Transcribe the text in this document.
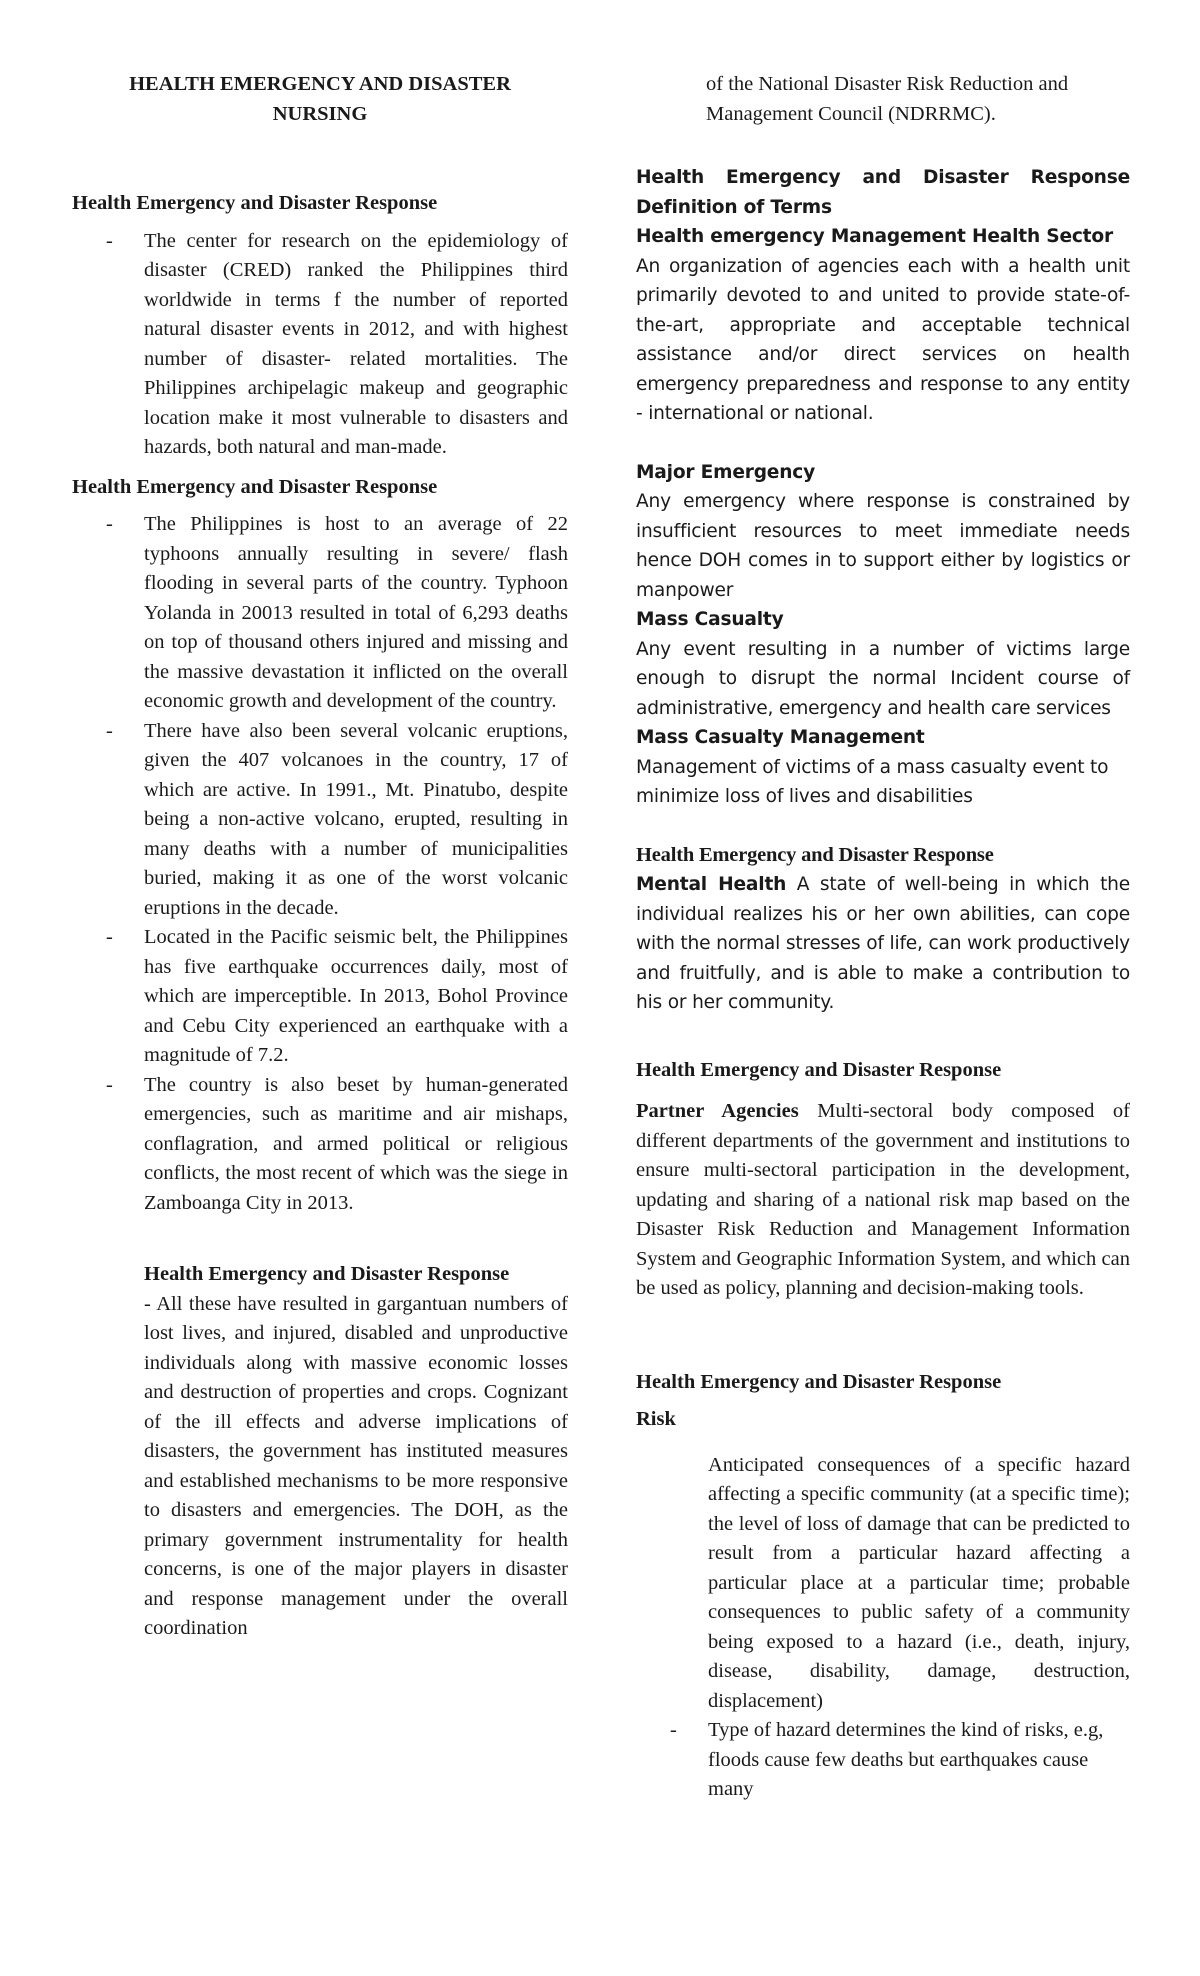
HEALTH EMERGENCY AND DISASTER NURSING

Health Emergency and Disaster Response

- The center for research on the epidemiology of disaster (CRED) ranked the Philippines third worldwide in terms f the number of reported natural disaster events in 2012, and with highest number of disaster- related mortalities. The Philippines archipelagic makeup and geographic location make it most vulnerable to disasters and hazards, both natural and man-made.

Health Emergency and Disaster Response

- The Philippines is host to an average of 22 typhoons annually resulting in severe/ flash flooding in several parts of the country. Typhoon Yolanda in 20013 resulted in total of 6,293 deaths on top of thousand others injured and missing and the massive devastation it inflicted on the overall economic growth and development of the country.

- There have also been several volcanic eruptions, given the 407 volcanoes in the country, 17 of which are active. In 1991., Mt. Pinatubo, despite being a non-active volcano, erupted, resulting in many deaths with a number of municipalities buried, making it as one of the worst volcanic eruptions in the decade.

- Located in the Pacific seismic belt, the Philippines has five earthquake occurrences daily, most of which are imperceptible. In 2013, Bohol Province and Cebu City experienced an earthquake with a magnitude of 7.2.

- The country is also beset by human-generated emergencies, such as maritime and air mishaps, conflagration, and armed political or religious conflicts, the most recent of which was the siege in Zamboanga City in 2013.

Health Emergency and Disaster Response

- All these have resulted in gargantuan numbers of lost lives, and injured, disabled and unproductive individuals along with massive economic losses and destruction of properties and crops. Cognizant of the ill effects and adverse implications of disasters, the government has instituted measures and established mechanisms to be more responsive to disasters and emergencies. The DOH, as the primary government instrumentality for health concerns, is one of the major players in disaster and response management under the overall coordination

of the National Disaster Risk Reduction and Management Council (NDRRMC).

Health Emergency and Disaster Response

Definition of Terms

Health emergency Management Health Sector

An organization of agencies each with a health unit primarily devoted to and united to provide state-of-the-art, appropriate and acceptable technical assistance and/or direct services on health emergency preparedness and response to any entity - international or national.

Major Emergency

Any emergency where response is constrained by insufficient resources to meet immediate needs hence DOH comes in to support either by logistics or manpower

Mass Casualty

Any event resulting in a number of victims large enough to disrupt the normal Incident course of administrative, emergency and health care services

Mass Casualty Management

Management of victims of a mass casualty event to minimize loss of lives and disabilities

Health Emergency and Disaster Response

Mental Health A state of well-being in which the individual realizes his or her own abilities, can cope with the normal stresses of life, can work productively and fruitfully, and is able to make a contribution to his or her community.

Health Emergency and Disaster Response

Partner Agencies Multi-sectoral body composed of different departments of the government and institutions to ensure multi-sectoral participation in the development, updating and sharing of a national risk map based on the Disaster Risk Reduction and Management Information System and Geographic Information System, and which can be used as policy, planning and decision-making tools.

Health Emergency and Disaster Response

Risk

Anticipated consequences of a specific hazard affecting a specific community (at a specific time); the level of loss of damage that can be predicted to result from a particular hazard affecting a particular place at a particular time; probable consequences to public safety of a community being exposed to a hazard (i.e., death, injury, disease, disability, damage, destruction, displacement)

- Type of hazard determines the kind of risks, e.g, floods cause few deaths but earthquakes cause many
